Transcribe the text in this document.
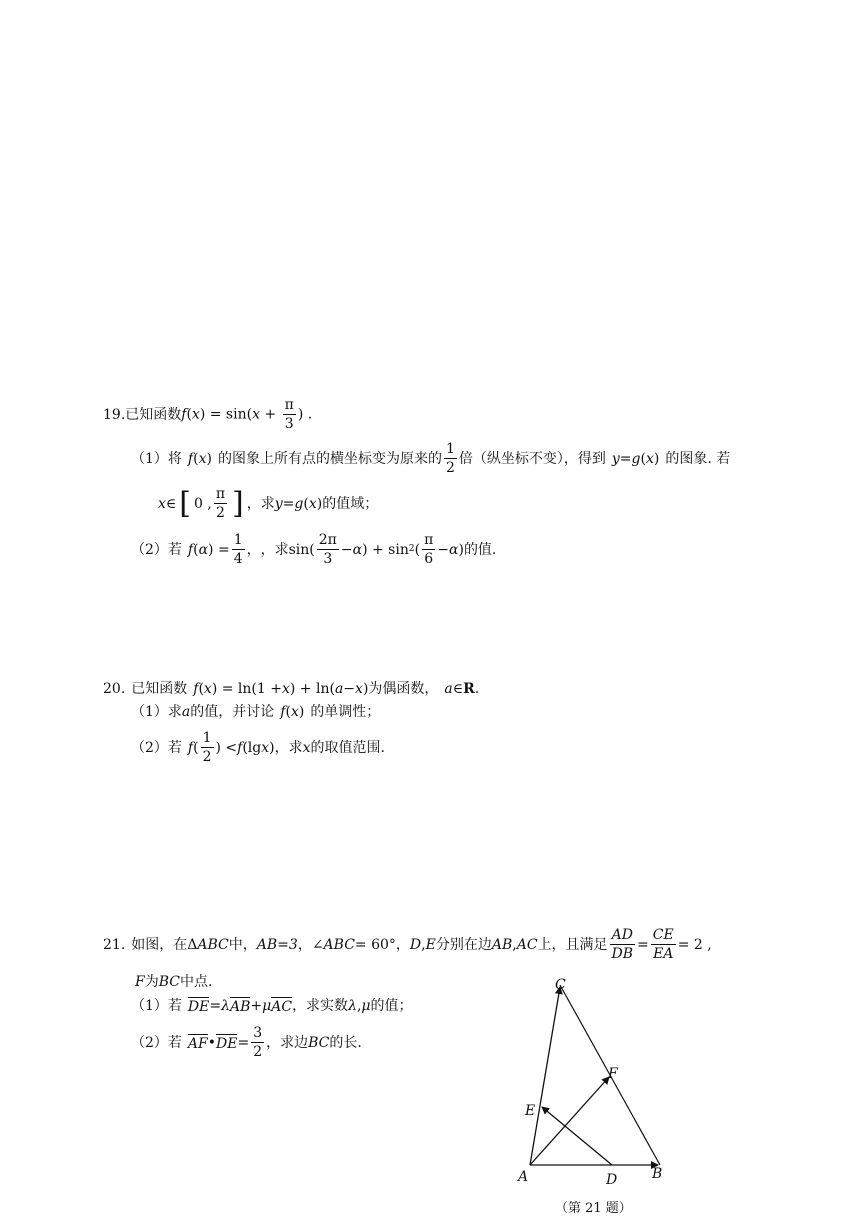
19. 已知函数 $f(x) = \sin(x + \frac{\pi}{3}$ ) .
（1） 将 f ( x ) 的图象上所有点的横坐标变为原来的 $\frac{1}{2}$ 倍（纵坐标不变），得到 y = g ( x ) 的图象. 若
x ∈ [ 0 , $\frac{\pi}{2}$ ] ，求 y = g ( x ) 的值域；
（2） 若 f ( α ) = $\frac{1}{4}$ ， ，求 $\sin( \frac{2\pi}{3} - \alpha$ ) + sin 2 ( $\frac{\pi}{6} - \alpha$ ) 的值.
20. 已知函数 f ( x ) = ln(1 + x ) + ln( a − x ) 为偶函数， a ∈ R .
（1） 求 a 的值，并讨论 f ( x ) 的单调性；
（2） 若 f ( $\frac{1}{2}$ ) < f (lg x ) ，求 x 的取值范围.
21. 如图，在 Δ ABC 中， AB=3 ， ∠ ABC = 60° ， D , E 分别在边 AB , AC 上，且满足 $\frac{AD}{DB} = \frac{CE}{EA} = 2$ ,
F 为 BC 中点.
（1） 若 DE = λ AB + μ AC ，求实数 λ , μ 的值；
（2） 若 AF • DE = $\frac{3}{2}$ ，求边 BC 的长.
A	B
C
D
E
F
（第 21 题）
